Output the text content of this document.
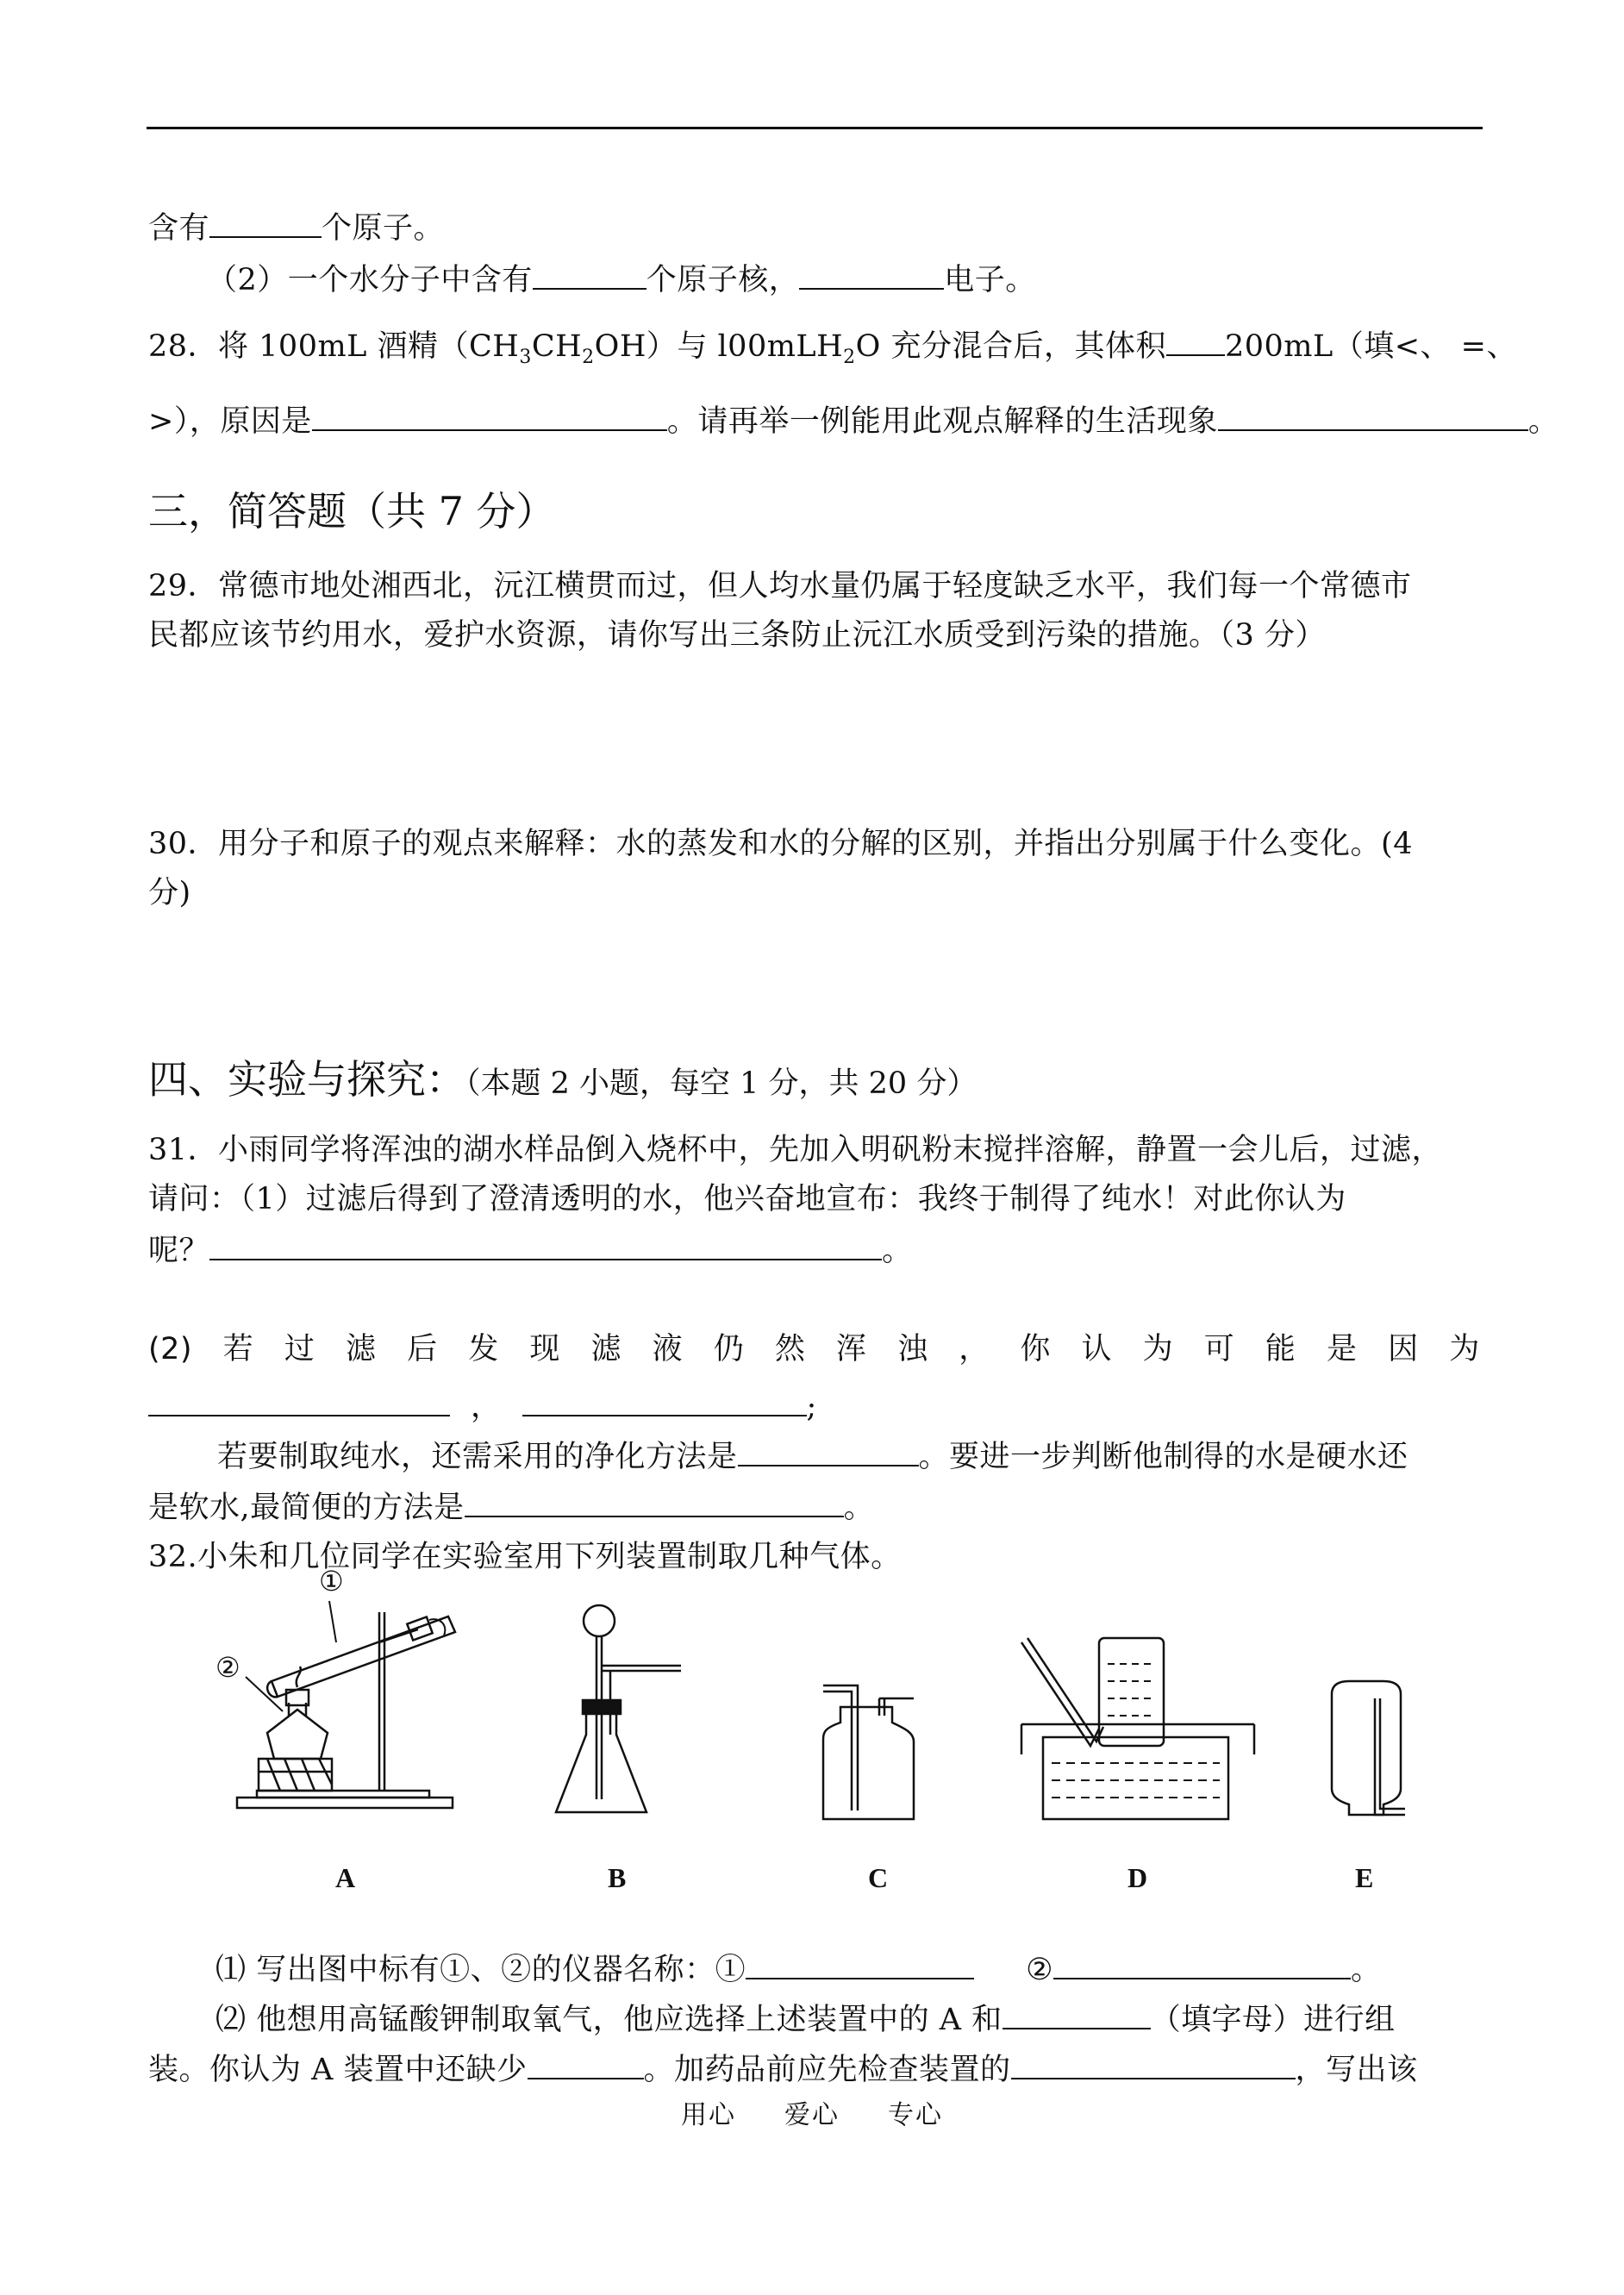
含有	个原子。
（2）一个水分子中含有	个原子核，	电子。
28．将 100mL 酒精$(CH_3CH_2OH)$与 l00mLH$_2$O 充分混合后，其体积 200mL（填<、 =、
>），原因是	。请再举一例能用此观点解释的生活现象	。
三，简答题（共 7 分）
29．常德市地处湘西北，沅江横贯而过，但人均水量仍属于轻度缺乏水平，我们每一个常德市
民都应该节约用水，爱护水资源，请你写出三条防止沅江水质受到污染的措施。（3 分）
30．用分子和原子的观点来解释：水的蒸发和水的分解的区别，并指出分别属于什么变化。(4
分)
四、实验与探究：（本题 2 小题，每空 1 分，共 20 分）
31．小雨同学将浑浊的湖水样品倒入烧杯中，先加入明矾粉末搅拌溶解，静置一会儿后，过滤，
请问：（1）过滤后得到了澄清透明的水，他兴奋地宣布：我终于制得了纯水！对此你认为
呢？	。
(2) 若 过 滤 后 发 现 滤 液 仍 然 浑 浊 ， 你 认 为 可 能 是 因 为
，	;
若要制取纯水，还需采用的净化方法是	。要进一步判断他制得的水是硬水还
是软水,最简便的方法是	。
32.小朱和几位同学在实验室用下列装置制取几种气体。
①
②
A	B	C	D	E
⑴ 写出图中标有①、②的仪器名称：①	②	。
⑵ 他想用高锰酸钾制取氧气，他应选择上述装置中的 A 和	（填字母）进行组
装。你认为 A 装置中还缺少	。加药品前应先检查装置的	，写出该
用心 爱心 专心
